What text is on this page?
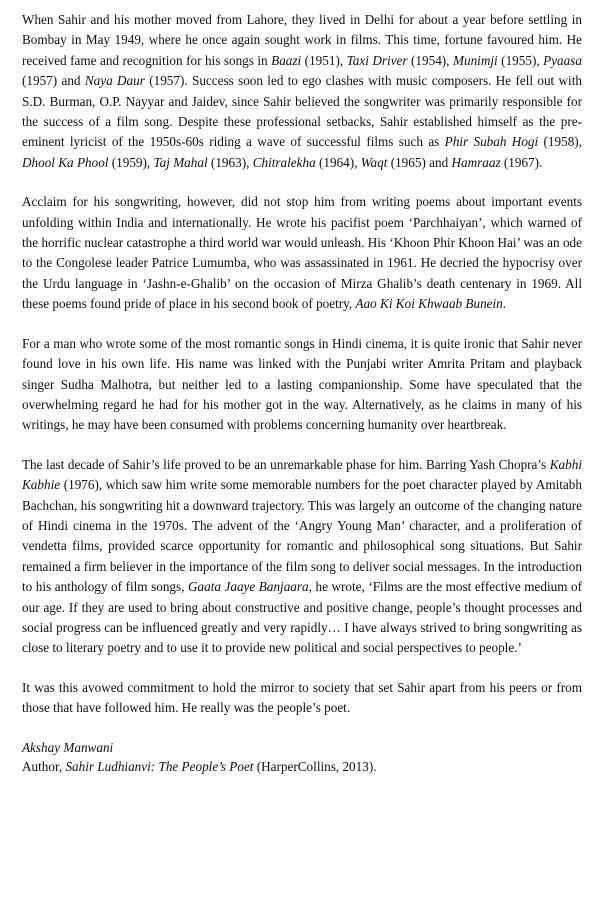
When Sahir and his mother moved from Lahore, they lived in Delhi for about a year before settling in Bombay in May 1949, where he once again sought work in films. This time, fortune favoured him. He received fame and recognition for his songs in Baazi (1951), Taxi Driver (1954), Munimji (1955), Pyaasa (1957) and Naya Daur (1957). Success soon led to ego clashes with music composers. He fell out with S.D. Burman, O.P. Nayyar and Jaidev, since Sahir believed the songwriter was primarily responsible for the success of a film song. Despite these professional setbacks, Sahir established himself as the pre-eminent lyricist of the 1950s-60s riding a wave of successful films such as Phir Subah Hogi (1958), Dhool Ka Phool (1959), Taj Mahal (1963), Chitralekha (1964), Waqt (1965) and Hamraaz (1967).

Acclaim for his songwriting, however, did not stop him from writing poems about important events unfolding within India and internationally. He wrote his pacifist poem ‘Parchhaiyan’, which warned of the horrific nuclear catastrophe a third world war would unleash. His ‘Khoon Phir Khoon Hai’ was an ode to the Congolese leader Patrice Lumumba, who was assassinated in 1961. He decried the hypocrisy over the Urdu language in ‘Jashn-e-Ghalib’ on the occasion of Mirza Ghalib’s death centenary in 1969. All these poems found pride of place in his second book of poetry, Aao Ki Koi Khwaab Bunein.

For a man who wrote some of the most romantic songs in Hindi cinema, it is quite ironic that Sahir never found love in his own life. His name was linked with the Punjabi writer Amrita Pritam and playback singer Sudha Malhotra, but neither led to a lasting companionship. Some have speculated that the overwhelming regard he had for his mother got in the way. Alternatively, as he claims in many of his writings, he may have been consumed with problems concerning humanity over heartbreak.

The last decade of Sahir’s life proved to be an unremarkable phase for him. Barring Yash Chopra’s Kabhi Kabhie (1976), which saw him write some memorable numbers for the poet character played by Amitabh Bachchan, his songwriting hit a downward trajectory. This was largely an outcome of the changing nature of Hindi cinema in the 1970s. The advent of the ‘Angry Young Man’ character, and a proliferation of vendetta films, provided scarce opportunity for romantic and philosophical song situations. But Sahir remained a firm believer in the importance of the film song to deliver social messages. In the introduction to his anthology of film songs, Gaata Jaaye Banjaara, he wrote, ‘Films are the most effective medium of our age. If they are used to bring about constructive and positive change, people’s thought processes and social progress can be influenced greatly and very rapidly… I have always strived to bring songwriting as close to literary poetry and to use it to provide new political and social perspectives to people.’

It was this avowed commitment to hold the mirror to society that set Sahir apart from his peers or from those that have followed him. He really was the people’s poet.

Akshay Manwani
Author, Sahir Ludhianvi: The People’s Poet (HarperCollins, 2013).
